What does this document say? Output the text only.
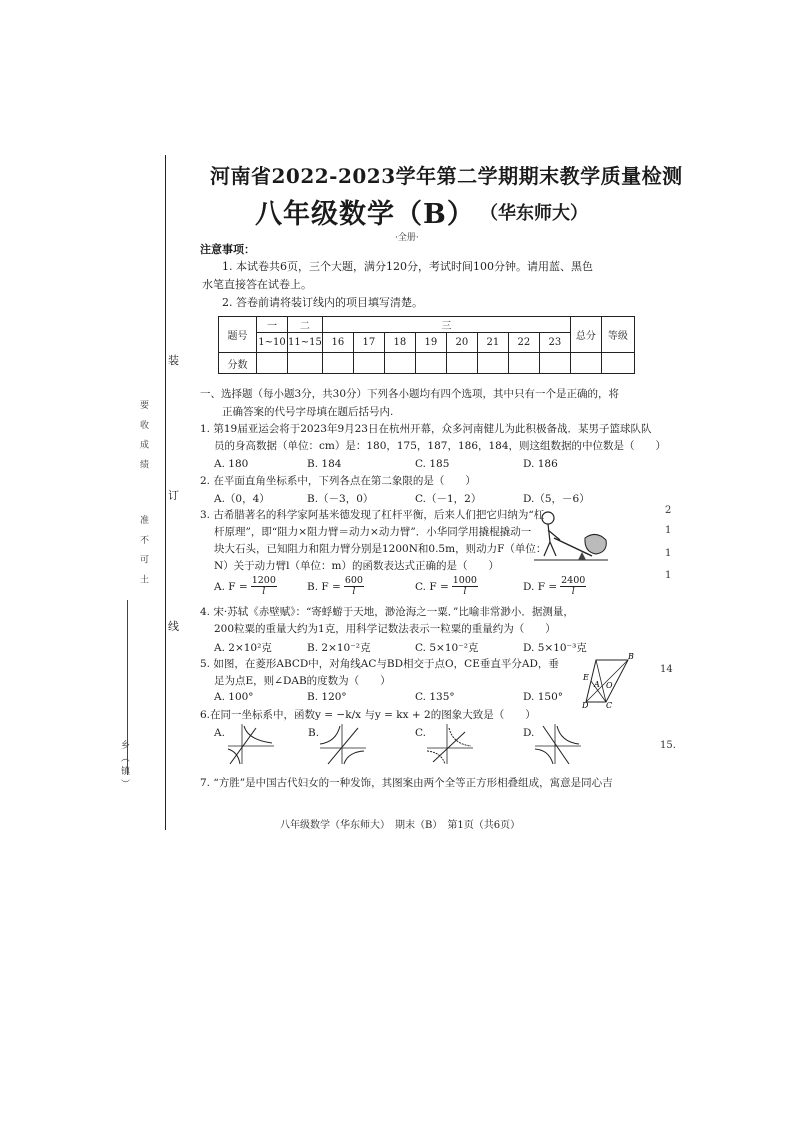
装
订
线
要 收 成 绩
准 不 可 土
乡（镇）
河南省2022-2023学年第二学期期末教学质量检测
八年级数学（B） （华东师大）
·全册·
注意事项：
1. 本试卷共6页，三个大题，满分120分，考试时间100分钟。请用蓝、黑色
水笔直接答在试卷上。
2. 答卷前请将装订线内的项目填写清楚。
题号	一	二	三								总分	等级
	1~10	11~15	16	17	18	19	20	21	22	23		
分数												
一、选择题（每小题3分，共30分）下列各小题均有四个选项，其中只有一个是正确的，将
正确答案的代号字母填在题后括号内.
1. 第19届亚运会将于2023年9月23日在杭州开幕，众多河南健儿为此积极备战．某男子篮球队队
员的身高数据（单位：cm）是：180，175，187，186，184，则这组数据的中位数是（　　）
A. 180	B. 184	C. 185	D. 186
2. 在平面直角坐标系中，下列各点在第二象限的是（　　）
A.（0，4）	B.（－3，0）	C.（－1，2）	D.（5，－6）
3. 古希腊著名的科学家阿基米德发现了杠杆平衡，后来人们把它归纳为“杠
杆原理”，即“阻力×阻力臂＝动力×动力臂”．小华同学用撬棍撬动一
块大石头，已知阻力和阻力臂分别是1200N和0.5m，则动力F（单位：
N）关于动力臂l（单位：m）的函数表达式正确的是（　　）
A. $F = \frac{1200}{l}$	B. $F = \frac{600}{l}$	C. $F = \frac{1000}{l}$	D. $F = \frac{2400}{l}$
4. 宋·苏轼《赤壁赋》：“寄蜉蝣于天地，渺沧海之一粟．”比喻非常渺小．据测量，
200粒粟的重量大约为1克，用科学记数法表示一粒粟的重量约为（　　）
A. 2×10²克	B. 2×10⁻²克	C. 5×10⁻²克	D. 5×10⁻³克
5. 如图，在菱形ABCD中，对角线AC与BD相交于点O，CE垂直平分AD，垂
足为点E，则∠DAB的度数为（　　）
A. 100°	B. 120°	C. 135°	D. 150°
B
A
C
D
E
O
6.在同一坐标系中，函数y = −k/x 与y = kx + 2的图象大致是（　　）
A.	B.	C.	D.
7. “方胜”是中国古代妇女的一种发饰，其图案由两个全等正方形相叠组成，寓意是同心吉
八年级数学（华东师大）　期末（B）　第1页（共6页）
2
1
1
1
14
15.
